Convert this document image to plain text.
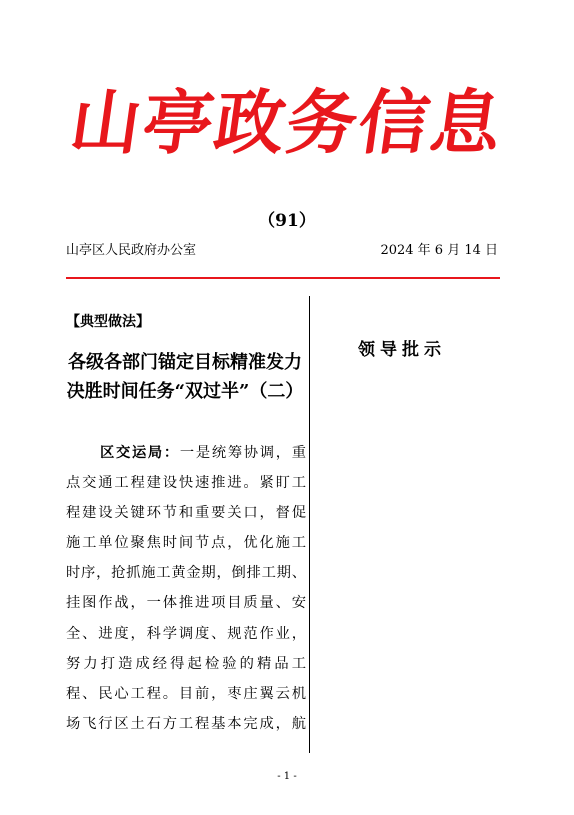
山亭政务信息
（91）
山亭区人民政府办公室	2024 年 6 月 14 日
【典型做法】
各级各部门锚定目标精准发力
决胜时间任务“双过半”（二）
区交运局：一是统筹协调，重
点交通工程建设快速推进。紧盯工
程建设关键环节和重要关口，督促
施工单位聚焦时间节点，优化施工
时序，抢抓施工黄金期，倒排工期、
挂图作战，一体推进项目质量、安
全、进度，科学调度、规范作业，
努力打造成经得起检验的精品工
程、民心工程。目前，枣庄翼云机
场飞行区土石方工程基本完成，航
领导批示
- 1 -
